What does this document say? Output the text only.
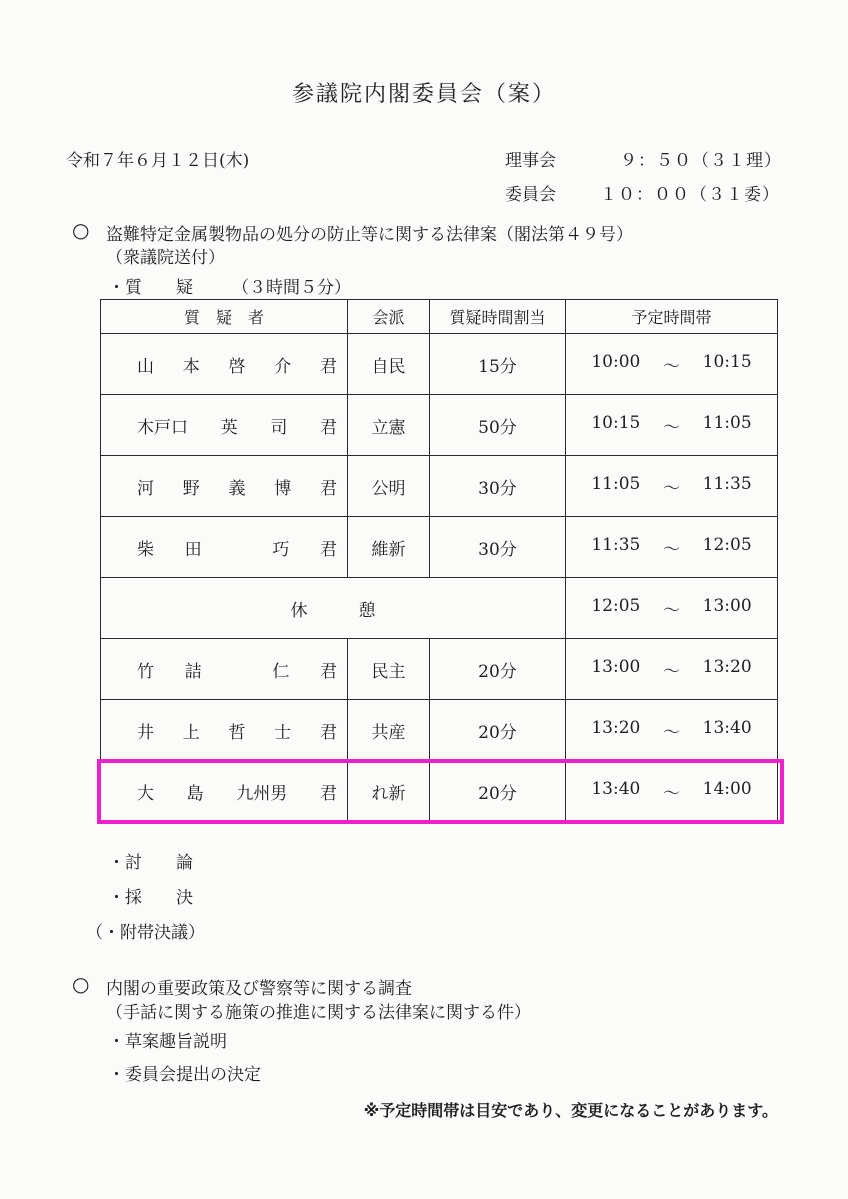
参議院内閣委員会（案）
令和７年６月１２日(木)	理事会	９：５０（３１理）
委員会	１０：００（３１委）
○ 盗難特定金属製物品の処分の防止等に関する法律案（閣法第４９号）
（衆議院送付）
・質　　疑 （３時間５分）
質　疑　者	会派	質疑時間割当	予定時間帯

山 本 啓 介 君	自民	15分	10:00 ～ 10:15

木戸口 英 司 君	立憲	50分	10:15 ～ 11:05

河 野 義 博 君	公明	30分	11:05 ～ 11:35

柴 田 巧 君	維新	30分	11:35 ～ 12:05

休　　　憩			12:05 ～ 13:00

竹 詰 仁 君	民主	20分	13:00 ～ 13:20

井 上 哲 士 君	共産	20分	13:20 ～ 13:40

大 島 九州男 君	れ新	20分	13:40 ～ 14:00
・討　　論
・採　　決
（・附帯決議）
○ 内閣の重要政策及び警察等に関する調査
（手話に関する施策の推進に関する法律案に関する件）
・草案趣旨説明
・委員会提出の決定
※予定時間帯は目安であり、変更になることがあります。
